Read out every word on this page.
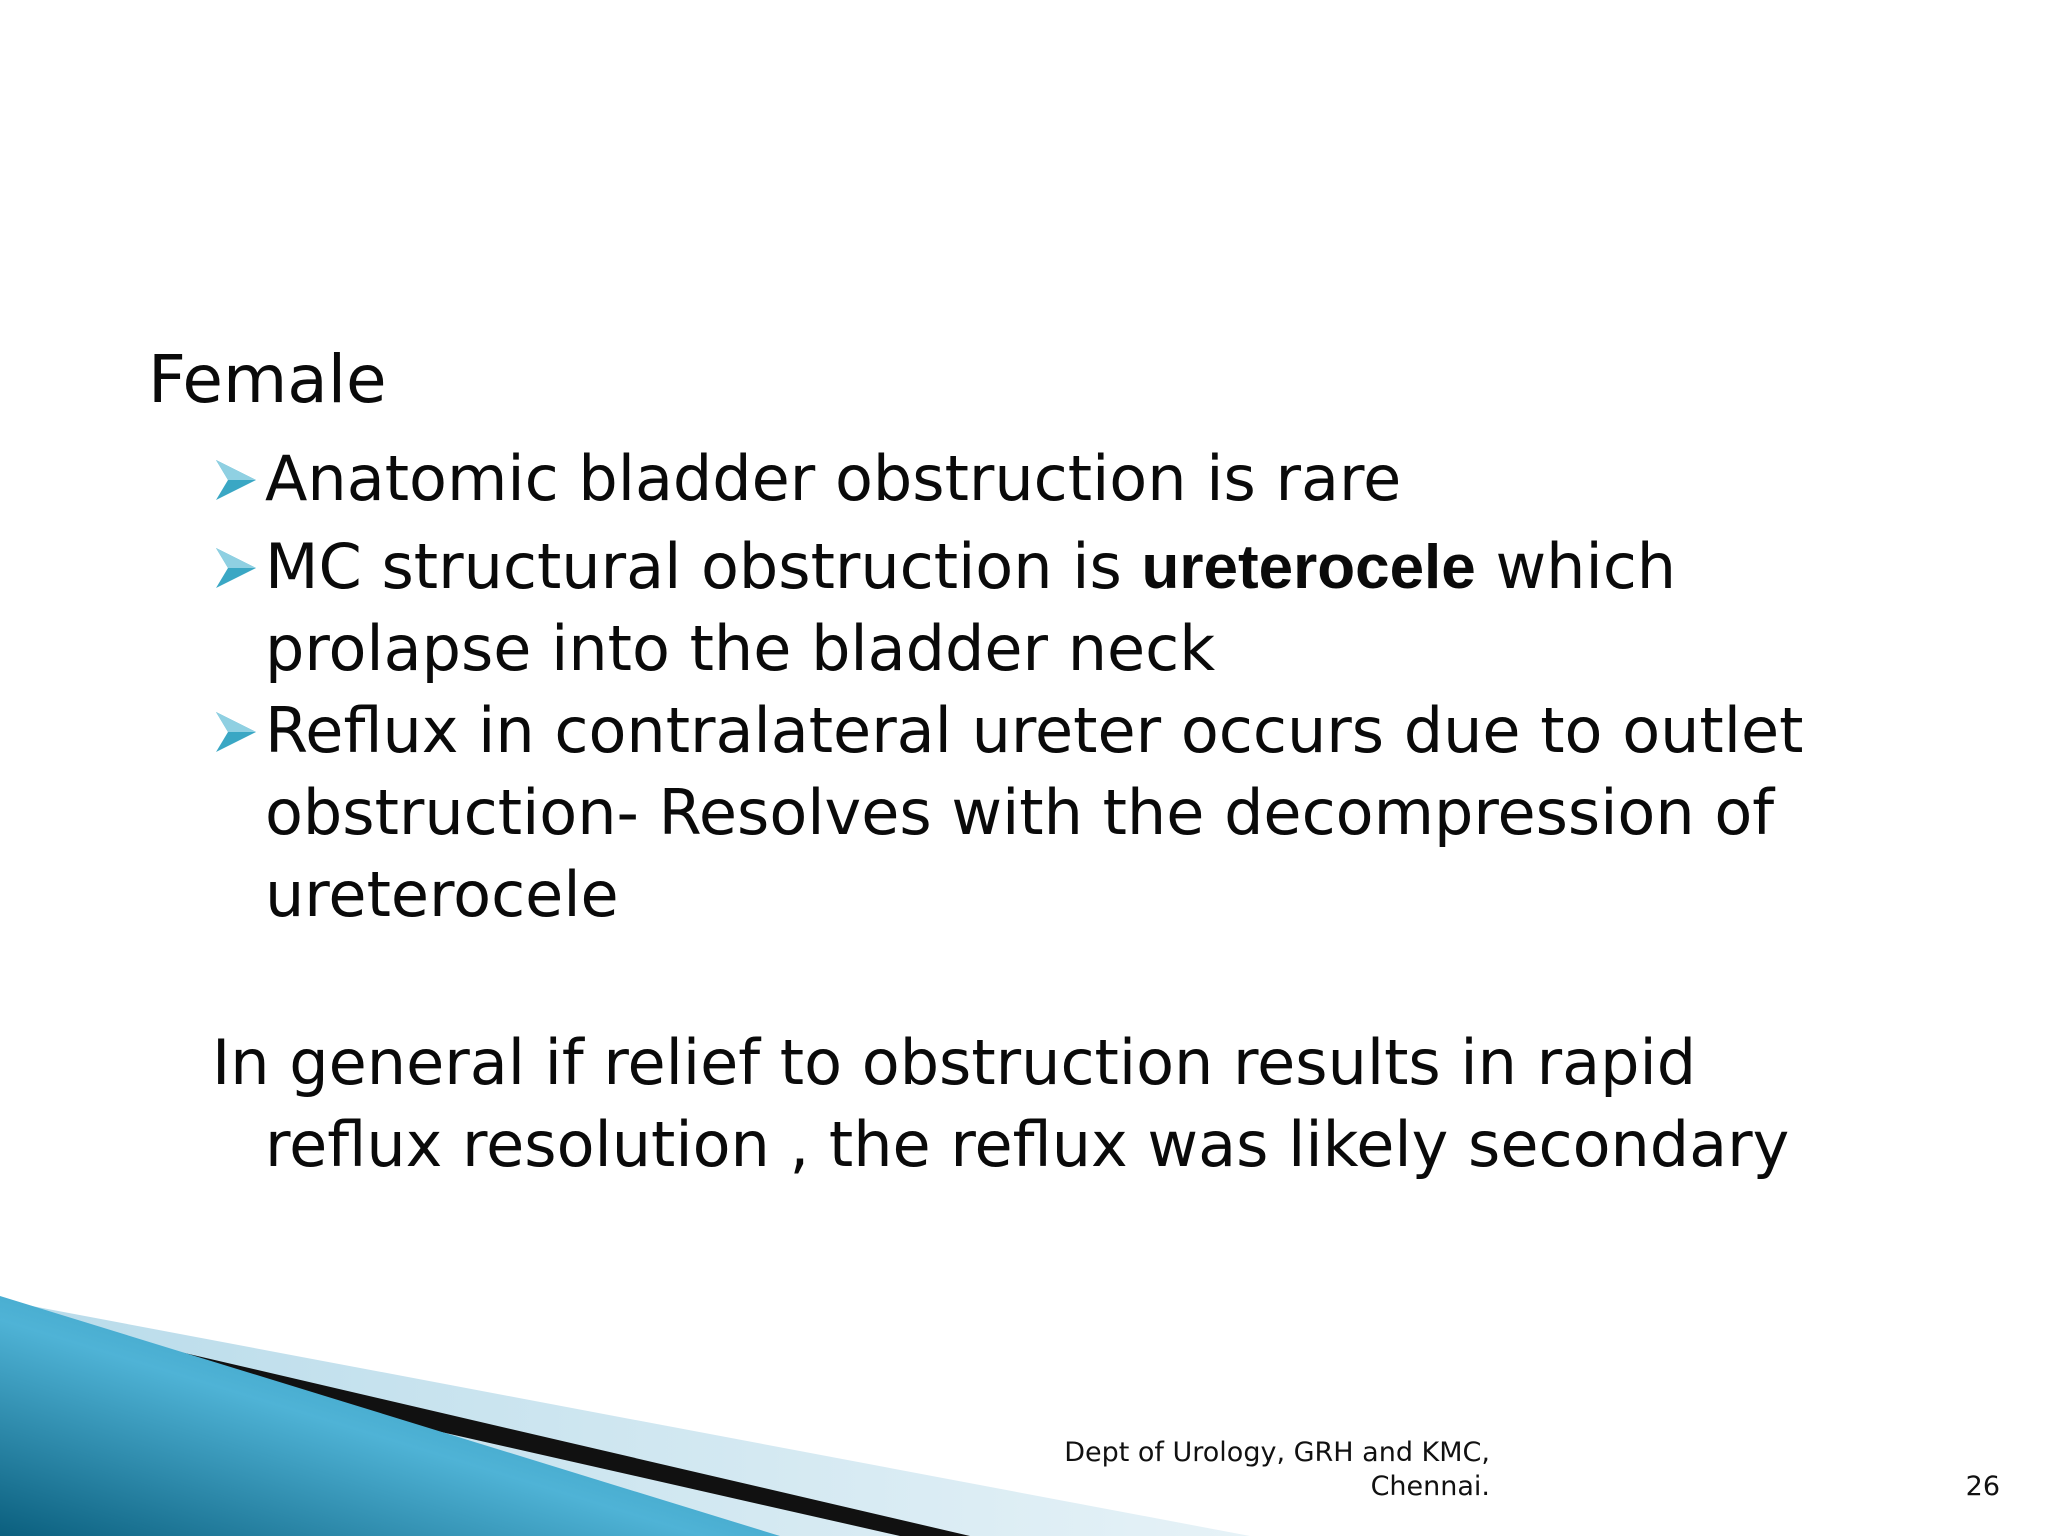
Female
Anatomic bladder obstruction is rare
MC structural obstruction is ureterocele which
prolapse into the bladder neck
Reflux in contralateral ureter occurs due to outlet
obstruction- Resolves with the decompression of
ureterocele
In general if relief to obstruction results in rapid
reflux resolution , the reflux was likely secondary
Dept of Urology, GRH and KMC,
Chennai.	26
